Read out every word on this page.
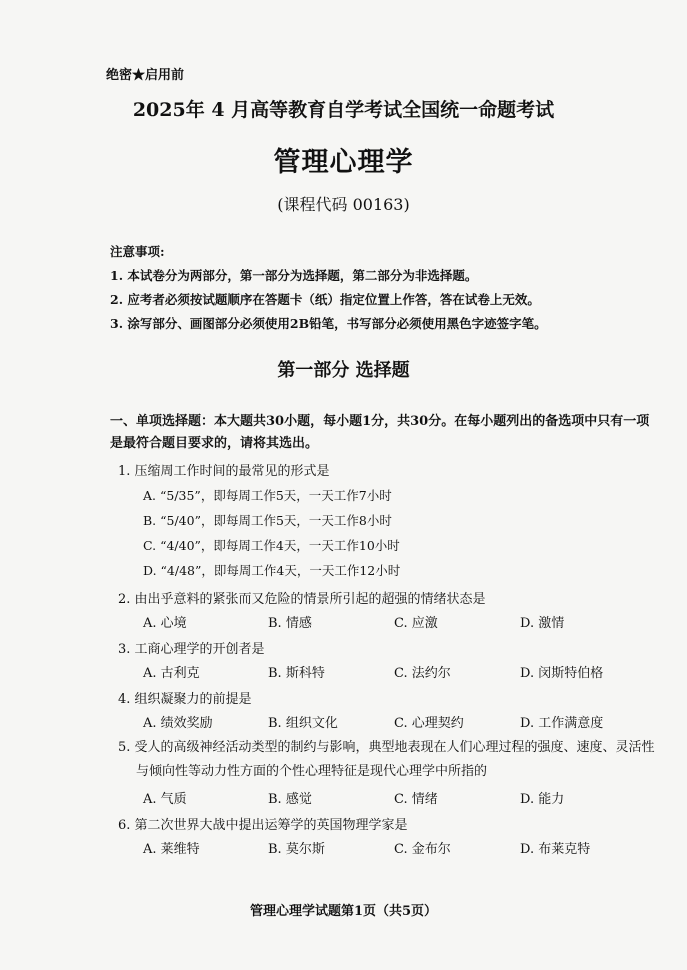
绝密★启用前
2025年 4 月高等教育自学考试全国统一命题考试
管理心理学
(课程代码 00163)
注意事项:
1. 本试卷分为两部分，第一部分为选择题，第二部分为非选择题。
2. 应考者必须按试题顺序在答题卡（纸）指定位置上作答，答在试卷上无效。
3. 涂写部分、画图部分必须使用2B铅笔，书写部分必须使用黑色字迹签字笔。
第一部分 选择题
一、单项选择题：本大题共30小题，每小题1分，共30分。在每小题列出的备选项中只有一项是最符合题目要求的，请将其选出。
1. 压缩周工作时间的最常见的形式是
A. “5/35”，即每周工作5天，一天工作7小时
B. “5/40”，即每周工作5天，一天工作8小时
C. “4/40”，即每周工作4天，一天工作10小时
D. “4/48”，即每周工作4天，一天工作12小时
2. 由出乎意料的紧张而又危险的情景所引起的超强的情绪状态是
A. 心境	B. 情感	C. 应激	D. 激情
3. 工商心理学的开创者是
A. 古利克	B. 斯科特	C. 法约尔	D. 闵斯特伯格
4. 组织凝聚力的前提是
A. 绩效奖励	B. 组织文化	C. 心理契约	D. 工作满意度
5. 受人的高级神经活动类型的制约与影响，典型地表现在人们心理过程的强度、速度、灵活性与倾向性等动力性方面的个性心理特征是现代心理学中所指的
A. 气质	B. 感觉	C. 情绪	D. 能力
6. 第二次世界大战中提出运筹学的英国物理学家是
A. 莱维特	B. 莫尔斯	C. 金布尔	D. 布莱克特
管理心理学试题第1页（共5页）
